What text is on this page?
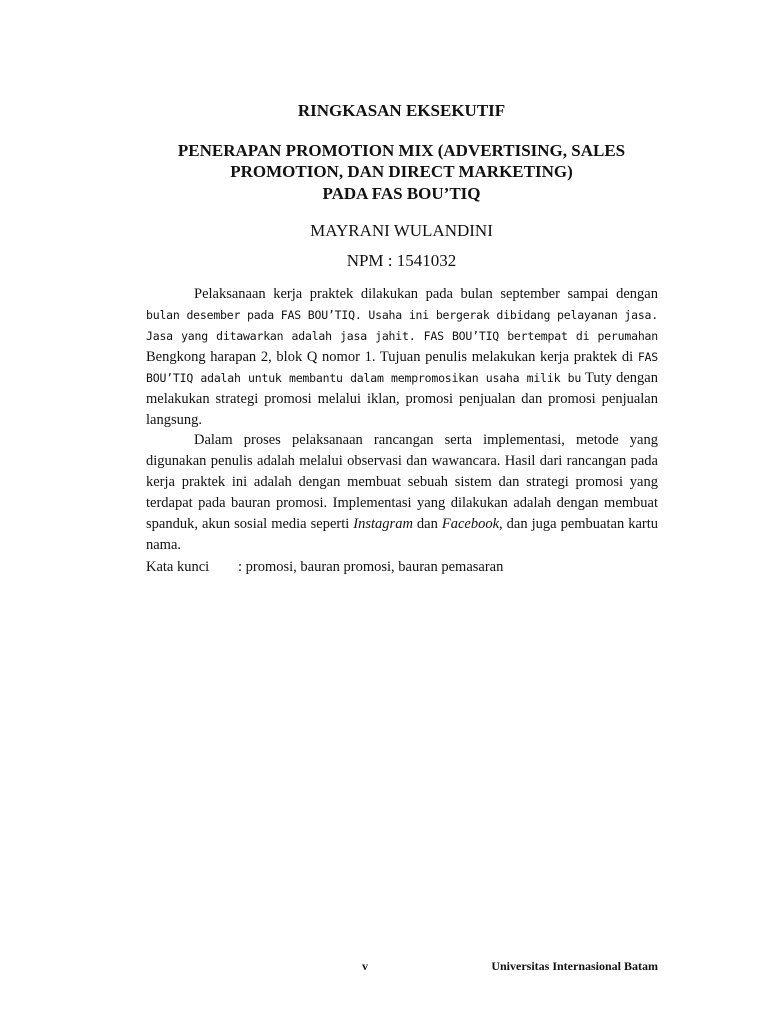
RINGKASAN EKSEKUTIF
PENERAPAN PROMOTION MIX (ADVERTISING, SALES
PROMOTION, DAN DIRECT MARKETING)
PADA FAS BOU’TIQ
MAYRANI WULANDINI
NPM : 1541032

Pelaksanaan kerja praktek dilakukan pada bulan september sampai dengan bulan desember pada FAS BOU’TIQ. Usaha ini bergerak dibidang pelayanan jasa. Jasa yang ditawarkan adalah jasa jahit. FAS BOU’TIQ bertempat di perumahan Bengkong harapan 2, blok Q nomor 1. Tujuan penulis melakukan kerja praktek di FAS BOU’TIQ adalah untuk membantu dalam mempromosikan usaha milik bu Tuty dengan melakukan strategi promosi melalui iklan, promosi penjualan dan promosi penjualan langsung.

Dalam proses pelaksanaan rancangan serta implementasi, metode yang digunakan penulis adalah melalui observasi dan wawancara. Hasil dari rancangan pada kerja praktek ini adalah dengan membuat sebuah sistem dan strategi promosi yang terdapat pada bauran promosi. Implementasi yang dilakukan adalah dengan membuat spanduk, akun sosial media seperti Instagram dan Facebook, dan juga pembuatan kartu nama.

Kata kunci : promosi, bauran promosi, bauran pemasaran
v	Universitas Internasional Batam
